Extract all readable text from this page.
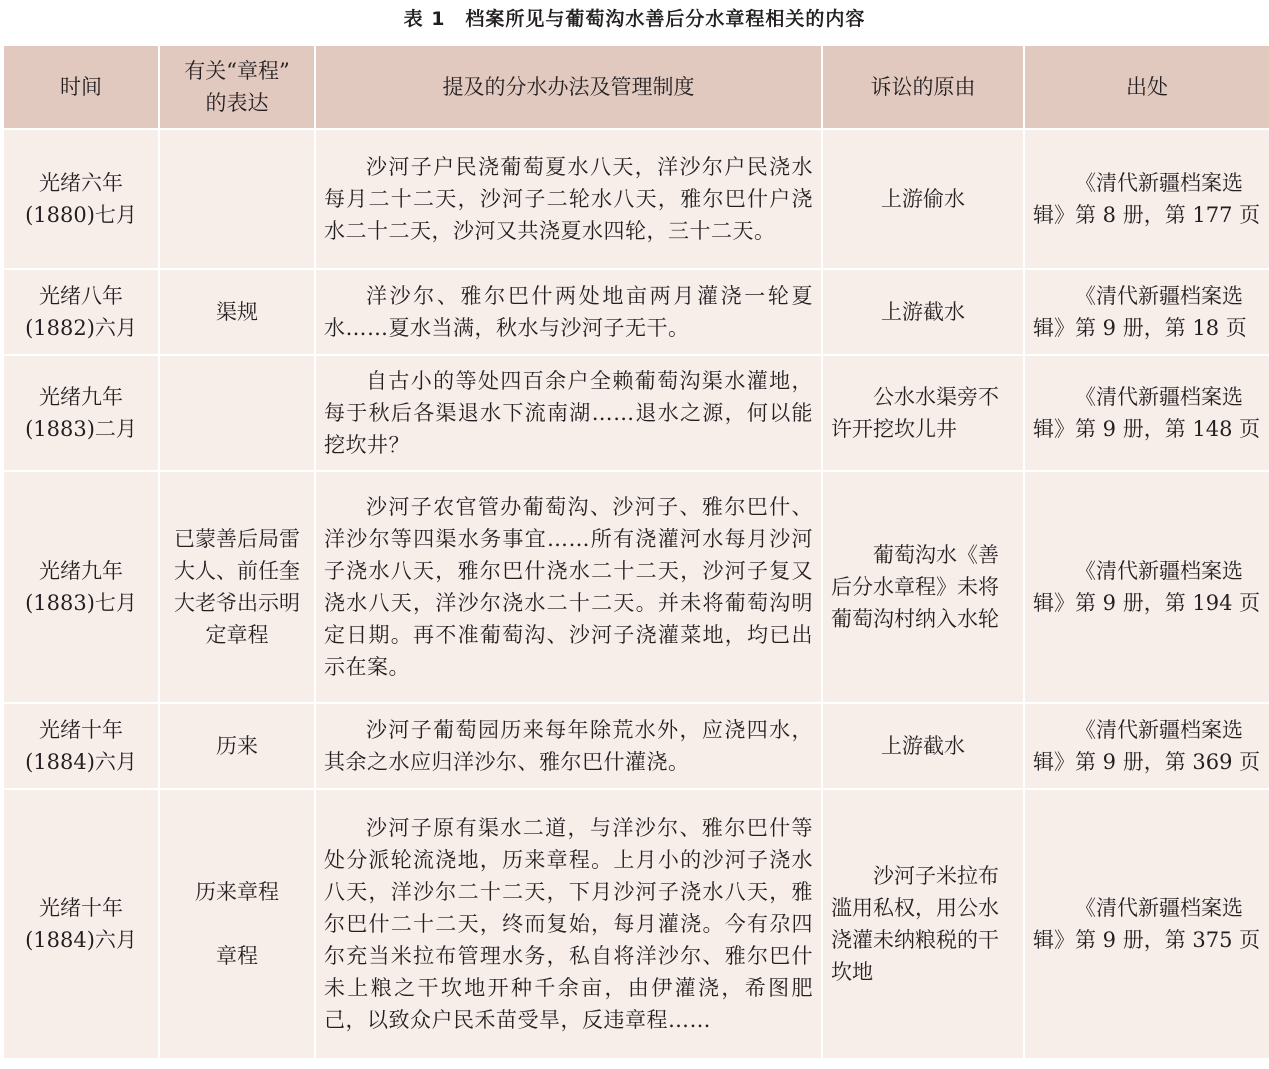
表 1　档案所见与葡萄沟水善后分水章程相关的内容
时间	有关“章程”
的表达	提及的分水办法及管理制度	诉讼的原由	出处

光绪六年
(1880)七月		沙河子户民浇葡萄夏水八天，洋沙尔户民浇水每月二十二天，沙河子二轮水八天，雅尔巴什户浇水二十二天，沙河又共浇夏水四轮，三十二天。	上游偷水	《清代新疆档案选辑》第 8 册，第 177 页

光绪八年
(1882)六月	渠规	洋沙尔、雅尔巴什两处地亩两月灌浇一轮夏水……夏水当满，秋水与沙河子无干。	上游截水	《清代新疆档案选辑》第 9 册，第 18 页

光绪九年
(1883)二月		自古小的等处四百余户全赖葡萄沟渠水灌地，每于秋后各渠退水下流南湖……退水之源，何以能挖坎井？	公水水渠旁不许开挖坎儿井	《清代新疆档案选辑》第 9 册，第 148 页

光绪九年
(1883)七月	已蒙善后局雷大人、前任奎大老爷出示明定章程	沙河子农官管办葡萄沟、沙河子、雅尔巴什、洋沙尔等四渠水务事宜……所有浇灌河水每月沙河子浇水八天，雅尔巴什浇水二十二天，沙河子复又浇水八天，洋沙尔浇水二十二天。并未将葡萄沟明定日期。再不准葡萄沟、沙河子浇灌菜地，均已出示在案。	葡萄沟水《善后分水章程》未将葡萄沟村纳入水轮	《清代新疆档案选辑》第 9 册，第 194 页

光绪十年
(1884)六月	历来	沙河子葡萄园历来每年除荒水外，应浇四水，其余之水应归洋沙尔、雅尔巴什灌浇。	上游截水	《清代新疆档案选辑》第 9 册，第 369 页

光绪十年
(1884)六月	历来章程
章程	沙河子原有渠水二道，与洋沙尔、雅尔巴什等处分派轮流浇地，历来章程。上月小的沙河子浇水八天，洋沙尔二十二天，下月沙河子浇水八天，雅尔巴什二十二天，终而复始，每月灌浇。今有尕四尔充当米拉布管理水务，私自将洋沙尔、雅尔巴什未上粮之干坎地开种千余亩，由伊灌浇，希图肥己，以致众户民禾苗受旱，反违章程……	沙河子米拉布滥用私权，用公水浇灌未纳粮税的干坎地	《清代新疆档案选辑》第 9 册，第 375 页
